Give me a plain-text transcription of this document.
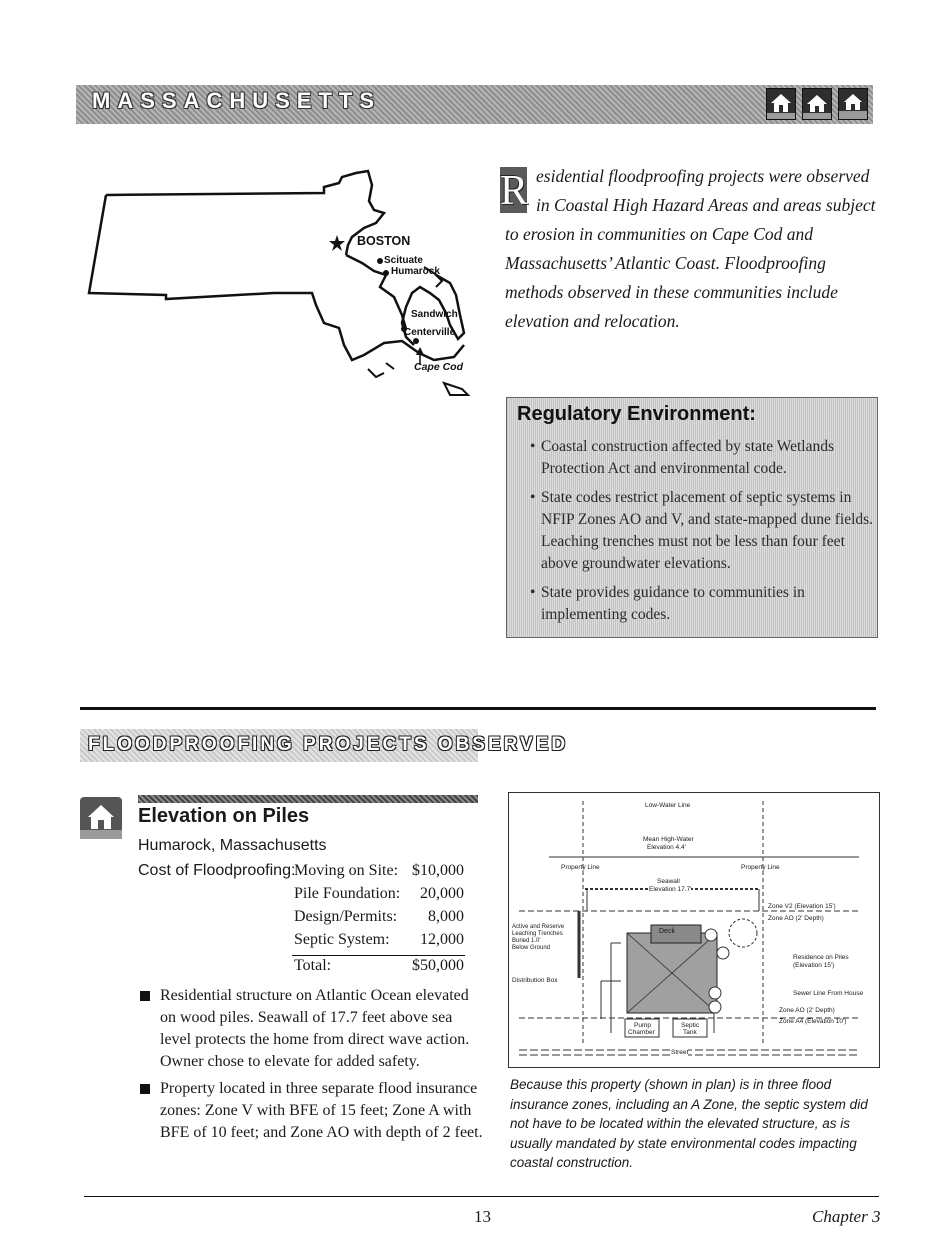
MASSACHUSETTS
BOSTON
Scituate
Humarock
Sandwich
Centerville
Cape Cod
R esidential floodproofing projects were observed
in Coastal High Hazard Areas and areas subject
to erosion in communities on Cape Cod and
Massachusetts’ Atlantic Coast. Floodproofing
methods observed in these communities include
elevation and relocation.
Regulatory Environment:
• Coastal construction affected by state Wetlands
Protection Act and environmental code.
• State codes restrict placement of septic systems in
NFIP Zones AO and V, and state-mapped dune fields.
Leaching trenches must not be less than four feet
above groundwater elevations.
• State provides guidance to communities in
implementing codes.
FLOODPROOFING PROJECTS OBSERVED
Elevation on Piles
Humarock, Massachusetts
Cost of Floodproofing:
Moving on Site: $10,000
Pile Foundation:	20,000
Design/Permits:	8,000
Septic System:	12,000
Total:	$50,000
Residential structure on Atlantic Ocean elevated
on wood piles. Seawall of 17.7 feet above sea
level protects the home from direct wave action.
Owner chose to elevate for added safety.
Property located in three separate flood insurance
zones: Zone V with BFE of 15 feet; Zone A with
BFE of 10 feet; and Zone AO with depth of 2 feet.
Low-Water Line
Mean High-Water
Elevation 4.4'
Property Line	Property Line
Seawall
Elevation 17.7'
Zone V2 (Elevation 15')
Zone AO (2' Depth)
Active and Reserve
Leaching Trenches
Buried 1.0'
Below Ground
Deck
Residence on Piles
(Elevation 15')
Distribution Box
Sewer Line From House
Zone AO (2' Depth)
Zone A4 (Elevation 10')
Pump
Chamber
Septic
Tank
Street
Because this property (shown in plan) is in three flood insurance zones, including an A Zone, the septic system did not have to be located within the elevated structure, as is usually mandated by state environmental codes impacting coastal construction.
13	Chapter 3
